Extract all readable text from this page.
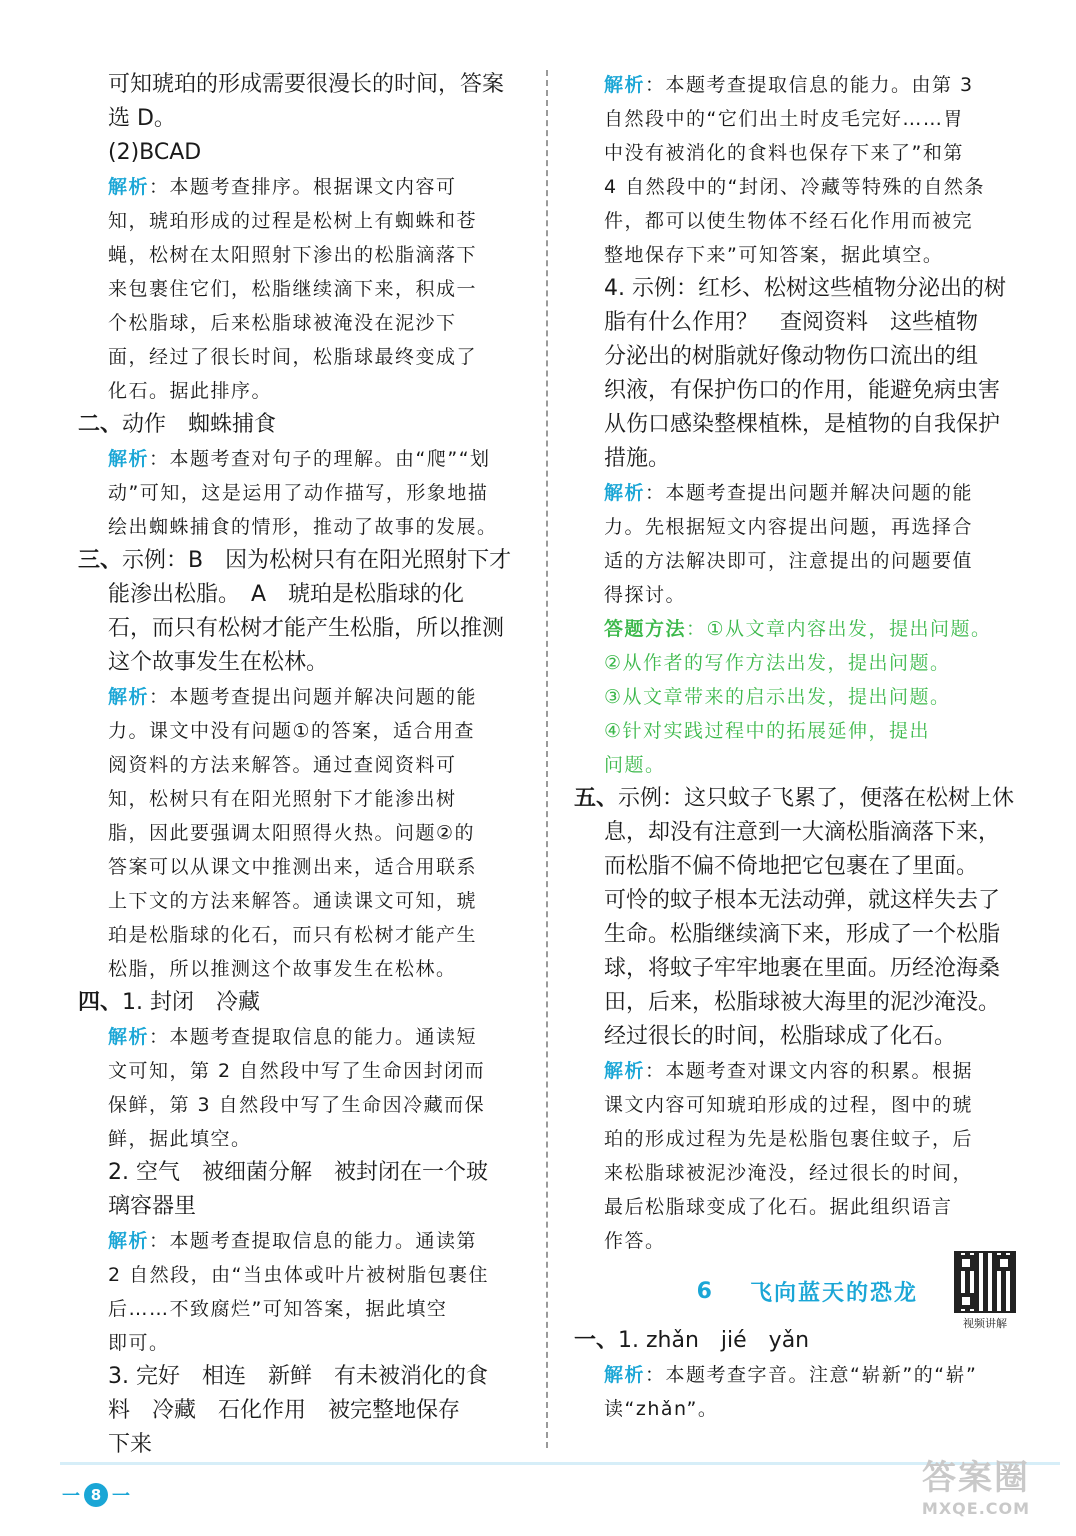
可知琥珀的形成需要很漫长的时间，答案
选 D。
(2)BCAD
解析：本题考查排序。根据课文内容可
知，琥珀形成的过程是松树上有蜘蛛和苍
蝇，松树在太阳照射下渗出的松脂滴落下
来包裹住它们，松脂继续滴下来，积成一
个松脂球，后来松脂球被淹没在泥沙下
面，经过了很长时间，松脂球最终变成了
化石。据此排序。
二、动作　蜘蛛捕食
解析：本题考查对句子的理解。由“爬”“划
动”可知，这是运用了动作描写，形象地描
绘出蜘蛛捕食的情形，推动了故事的发展。
三、示例：B　因为松树只有在阳光照射下才
能渗出松脂。　A　琥珀是松脂球的化
石，而只有松树才能产生松脂，所以推测
这个故事发生在松林。
解析：本题考查提出问题并解决问题的能
力。课文中没有问题①的答案，适合用查
阅资料的方法来解答。通过查阅资料可
知，松树只有在阳光照射下才能渗出树
脂，因此要强调太阳照得火热。问题②的
答案可以从课文中推测出来，适合用联系
上下文的方法来解答。通读课文可知，琥
珀是松脂球的化石，而只有松树才能产生
松脂，所以推测这个故事发生在松林。
四、1. 封闭　冷藏
解析：本题考查提取信息的能力。通读短
文可知，第 2 自然段中写了生命因封闭而
保鲜，第 3 自然段中写了生命因冷藏而保
鲜，据此填空。
2. 空气　被细菌分解　被封闭在一个玻
璃容器里
解析：本题考查提取信息的能力。通读第
2 自然段，由“当虫体或叶片被树脂包裹住
后……不致腐烂”可知答案，据此填空
即可。
3. 完好　相连　新鲜　有未被消化的食
料　冷藏　石化作用　被完整地保存
下来
解析：本题考查提取信息的能力。由第 3
自然段中的“它们出土时皮毛完好……胃
中没有被消化的食料也保存下来了”和第
4 自然段中的“封闭、冷藏等特殊的自然条
件，都可以使生物体不经石化作用而被完
整地保存下来”可知答案，据此填空。
4. 示例：红杉、松树这些植物分泌出的树
脂有什么作用？　查阅资料　这些植物
分泌出的树脂就好像动物伤口流出的组
织液，有保护伤口的作用，能避免病虫害
从伤口感染整棵植株，是植物的自我保护
措施。
解析：本题考查提出问题并解决问题的能
力。先根据短文内容提出问题，再选择合
适的方法解决即可，注意提出的问题要值
得探讨。
答题方法：①从文章内容出发，提出问题。
②从作者的写作方法出发，提出问题。
③从文章带来的启示出发，提出问题。
④针对实践过程中的拓展延伸，提出
问题。
五、示例：这只蚊子飞累了，便落在松树上休
息，却没有注意到一大滴松脂滴落下来，
而松脂不偏不倚地把它包裹在了里面。
可怜的蚊子根本无法动弹，就这样失去了
生命。松脂继续滴下来，形成了一个松脂
球，将蚊子牢牢地裹在里面。历经沧海桑
田，后来，松脂球被大海里的泥沙淹没。
经过很长的时间，松脂球成了化石。
解析：本题考查对课文内容的积累。根据
课文内容可知琥珀形成的过程，图中的琥
珀的形成过程为先是松脂包裹住蚊子，后
来松脂球被泥沙淹没，经过很长的时间，
最后松脂球变成了化石。据此组织语言
作答。
6 飞向蓝天的恐龙
视频讲解
一、1. zhǎn　jié　yǎn
解析：本题考查字音。注意“崭新”的“崭”
读“zhǎn”。
一 8 一	答案圈
MXQE.COM
